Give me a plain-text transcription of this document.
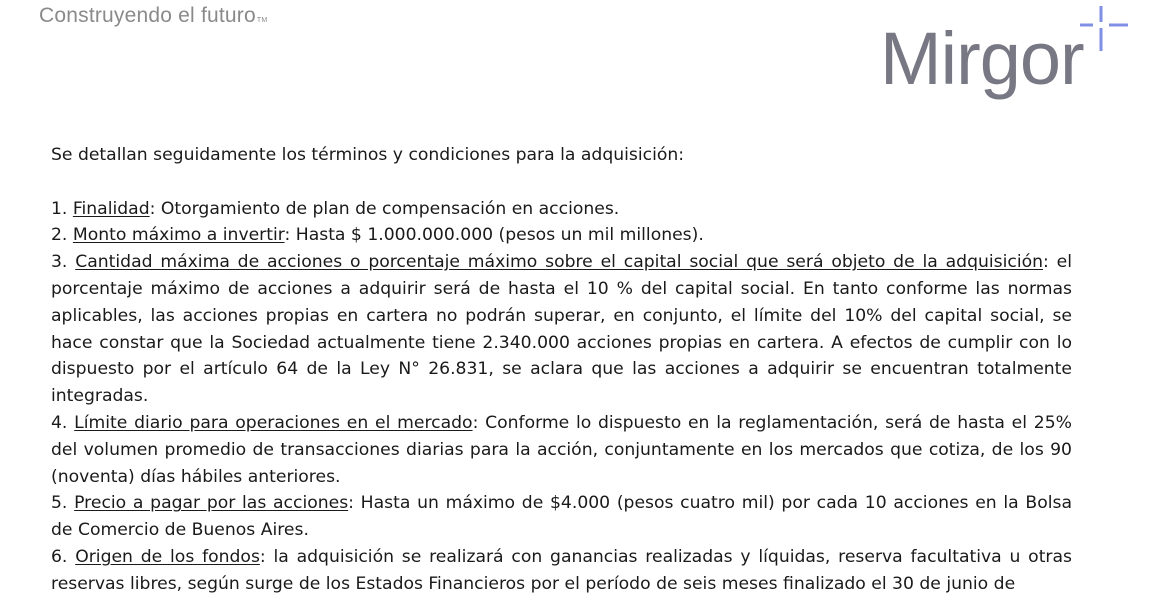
Construyendo el futuroTM	Mirgor

Se detallan seguidamente los términos y condiciones para la adquisición:

1. Finalidad: Otorgamiento de plan de compensación en acciones.

2. Monto máximo a invertir: Hasta $ 1.000.000.000 (pesos un mil millones).

3. Cantidad máxima de acciones o porcentaje máximo sobre el capital social que será objeto de la adquisición: el porcentaje máximo de acciones a adquirir será de hasta el 10 % del capital social. En tanto conforme las normas aplicables, las acciones propias en cartera no podrán superar, en conjunto, el límite del 10% del capital social, se hace constar que la Sociedad actualmente tiene 2.340.000 acciones propias en cartera. A efectos de cumplir con lo dispuesto por el artículo 64 de la Ley N° 26.831, se aclara que las acciones a adquirir se encuentran totalmente integradas.

4. Límite diario para operaciones en el mercado: Conforme lo dispuesto en la reglamentación, será de hasta el 25% del volumen promedio de transacciones diarias para la acción, conjuntamente en los mercados que cotiza, de los 90 (noventa) días hábiles anteriores.

5. Precio a pagar por las acciones: Hasta un máximo de $4.000 (pesos cuatro mil) por cada 10 acciones en la Bolsa de Comercio de Buenos Aires.

6. Origen de los fondos: la adquisición se realizará con ganancias realizadas y líquidas, reserva facultativa u otras reservas libres, según surge de los Estados Financieros por el período de seis meses finalizado el 30 de junio de
